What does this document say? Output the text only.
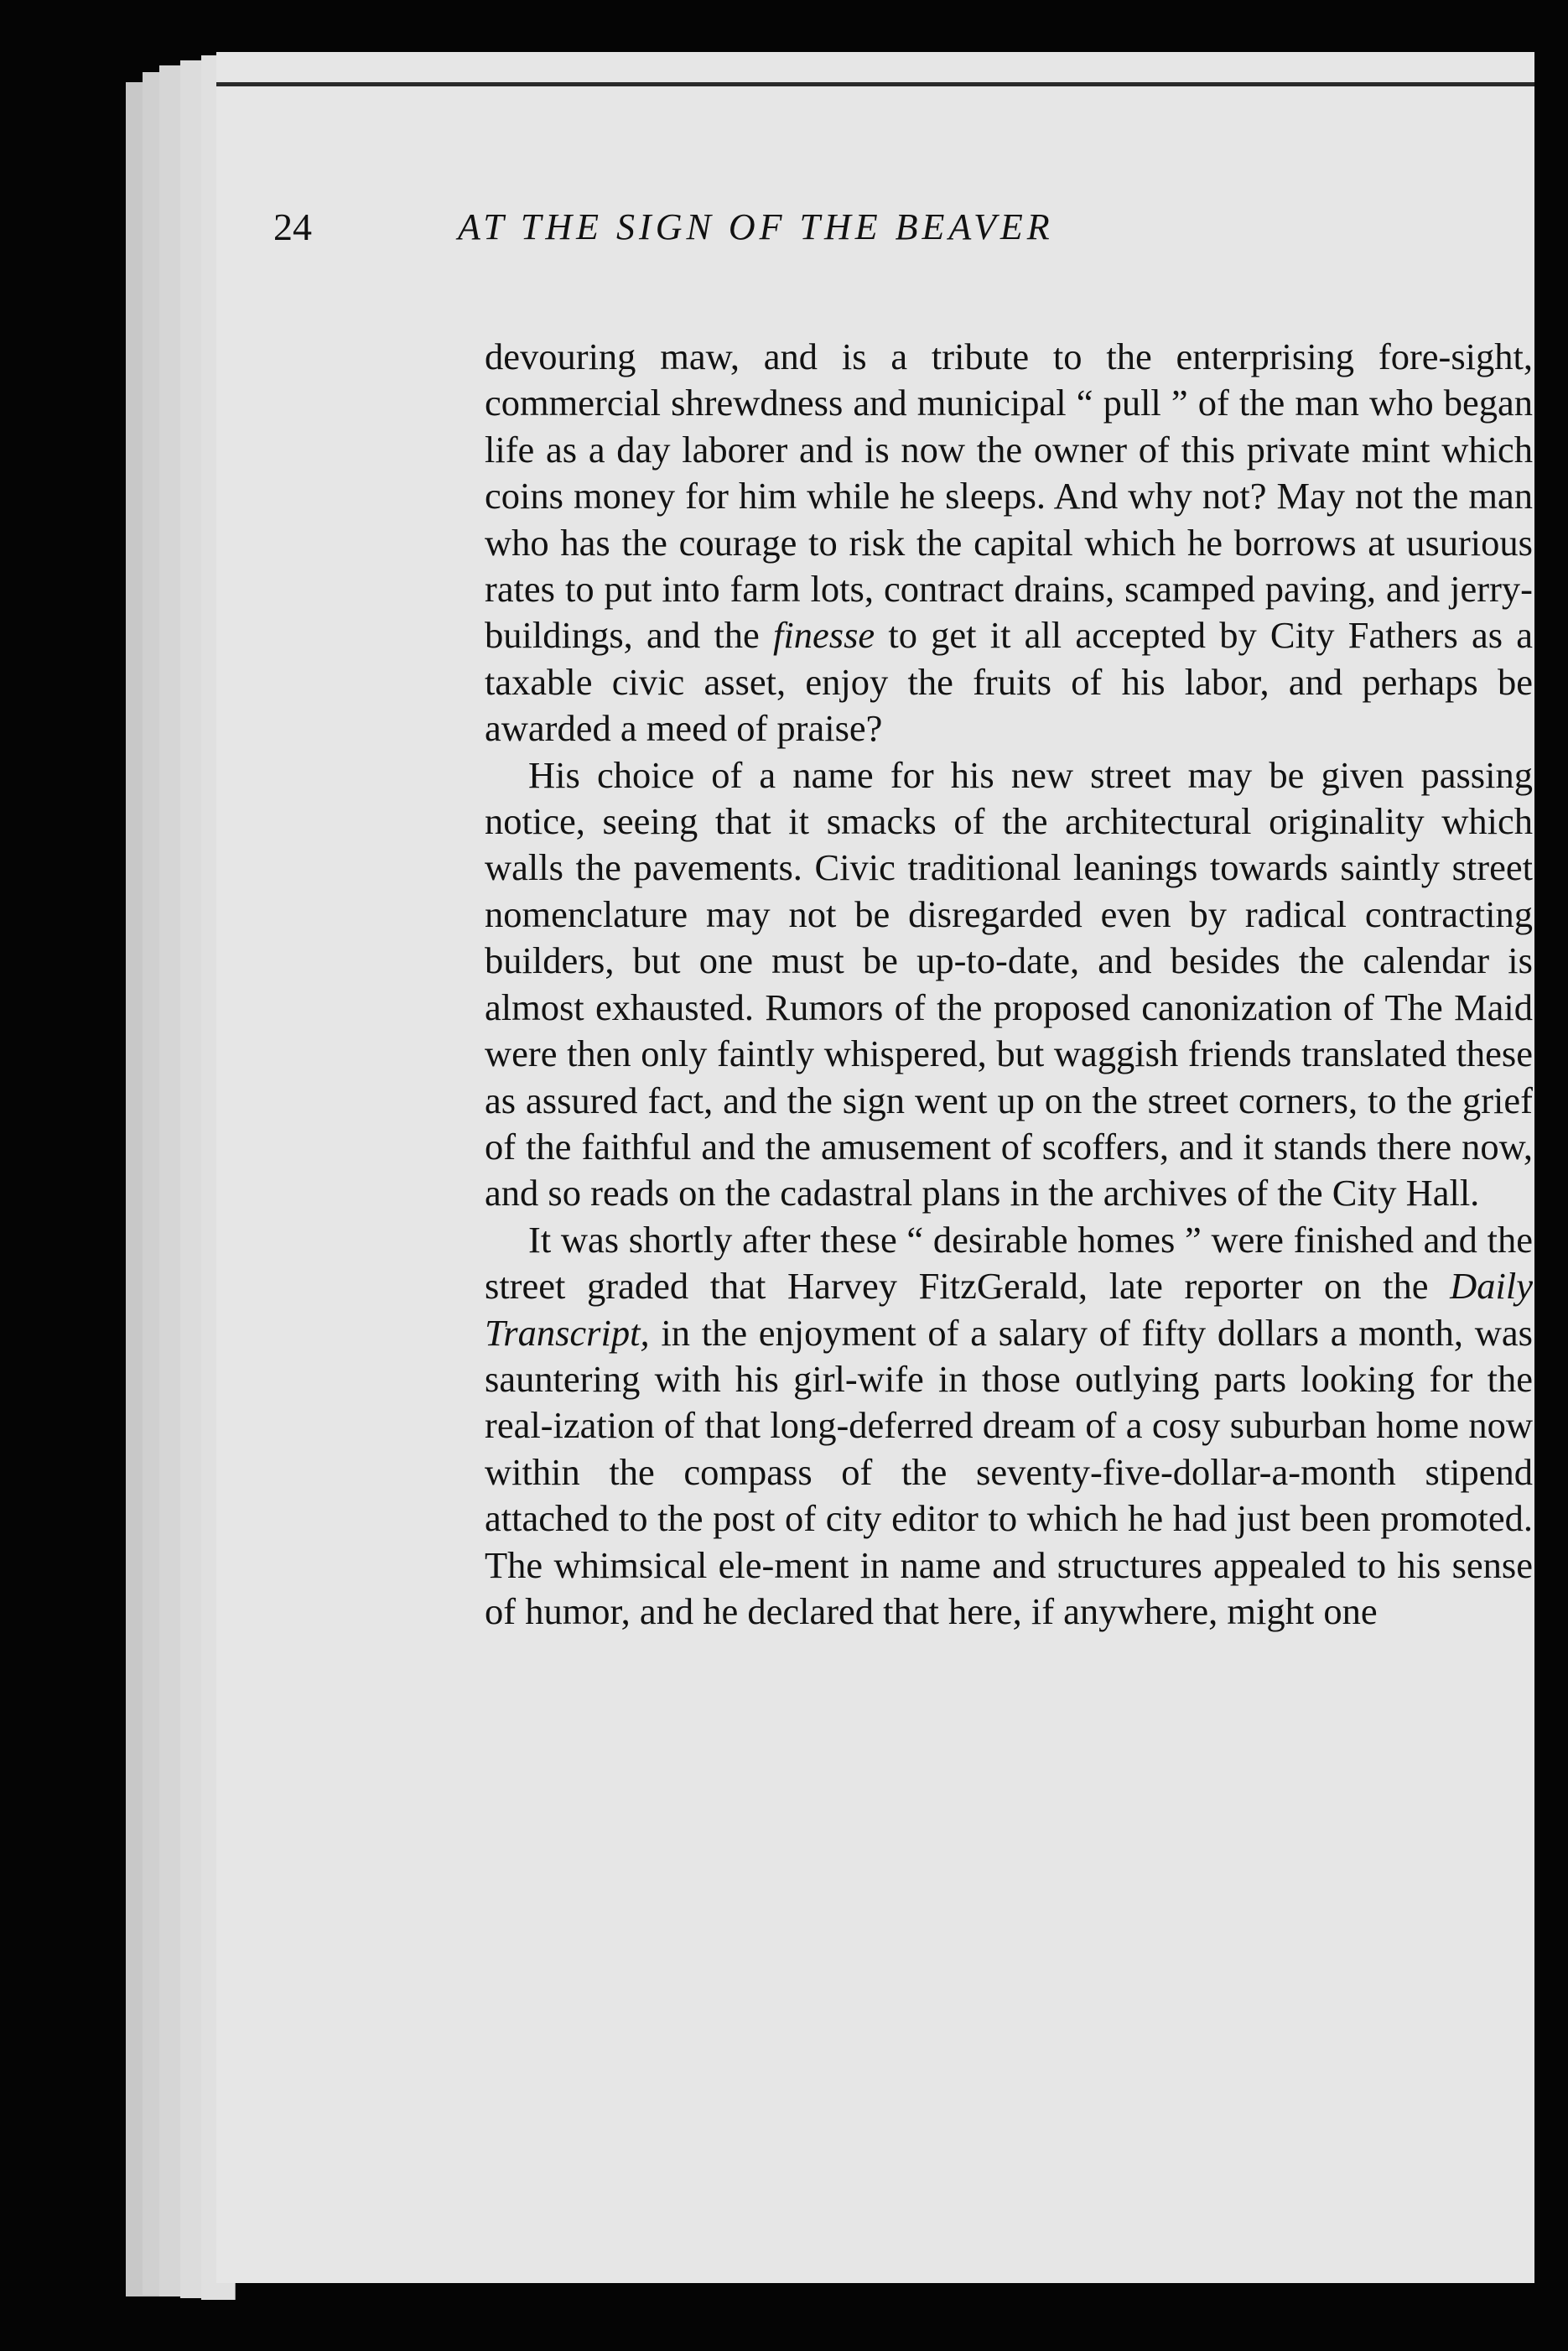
24	AT THE SIGN OF THE BEAVER

devouring maw, and is a tribute to the enterprising fore-sight, commercial shrewdness and municipal “ pull ” of the man who began life as a day laborer and is now the owner of this private mint which coins money for him while he sleeps. And why not? May not the man who has the courage to risk the capital which he borrows at usurious rates to put into farm lots, contract drains, scamped paving, and jerry-buildings, and the finesse to get it all accepted by City Fathers as a taxable civic asset, enjoy the fruits of his labor, and perhaps be awarded a meed of praise?

His choice of a name for his new street may be given passing notice, seeing that it smacks of the architectural originality which walls the pavements. Civic traditional leanings towards saintly street nomenclature may not be disregarded even by radical contracting builders, but one must be up-to-date, and besides the calendar is almost exhausted. Rumors of the proposed canonization of The Maid were then only faintly whispered, but waggish friends translated these as assured fact, and the sign went up on the street corners, to the grief of the faithful and the amusement of scoffers, and it stands there now, and so reads on the cadastral plans in the archives of the City Hall.

It was shortly after these “ desirable homes ” were finished and the street graded that Harvey FitzGerald, late reporter on the Daily Transcript, in the enjoyment of a salary of fifty dollars a month, was sauntering with his girl-wife in those outlying parts looking for the real-ization of that long-deferred dream of a cosy suburban home now within the compass of the seventy-five-dollar-a-month stipend attached to the post of city editor to which he had just been promoted. The whimsical ele-ment in name and structures appealed to his sense of humor, and he declared that here, if anywhere, might one
